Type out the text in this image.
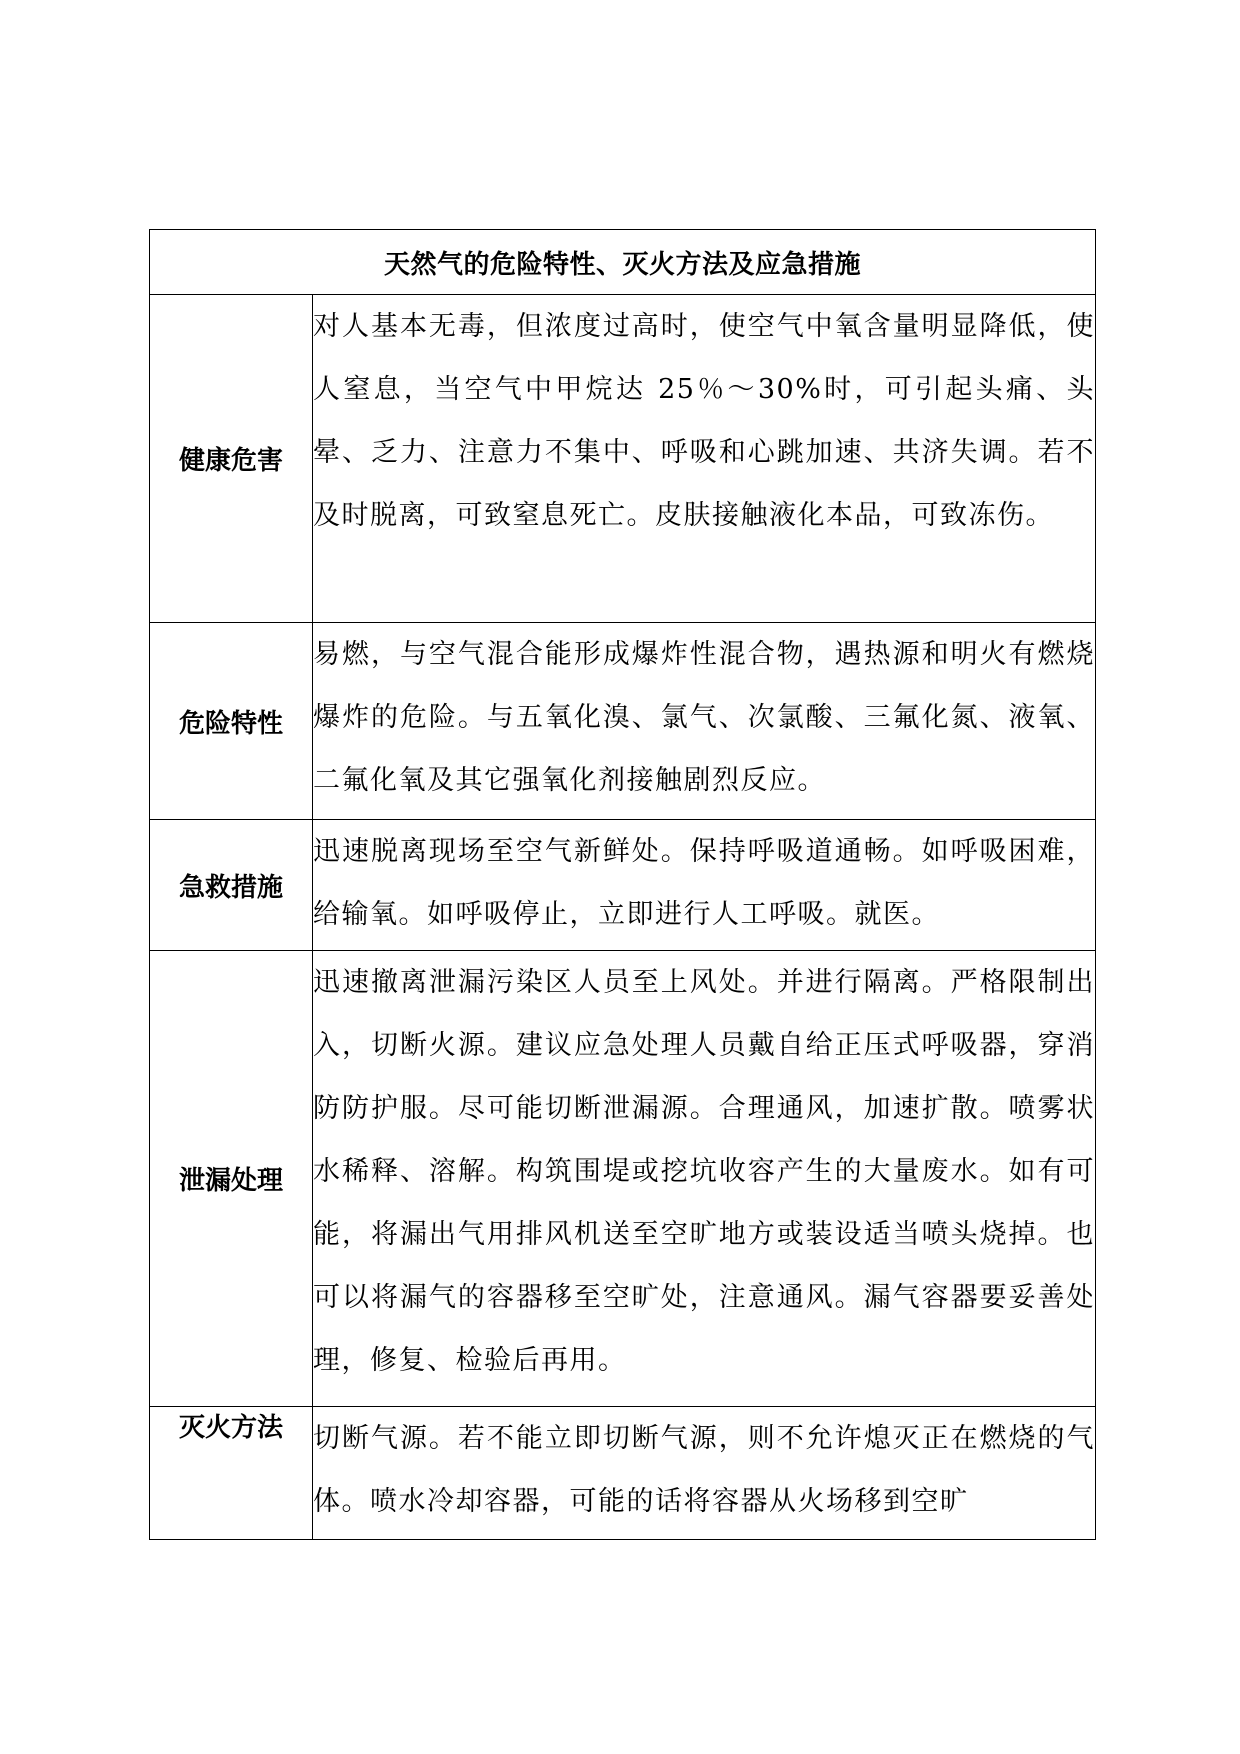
天然气的危险特性、灭火方法及应急措施	
健康危害	对人基本无毒，但浓度过高时，使空气中氧含量明显降低，使人窒息，当空气中甲烷达 25％～30%时，可引起头痛、头晕、乏力、注意力不集中、呼吸和心跳加速、共济失调。若不及时脱离，可致窒息死亡。皮肤接触液化本品，可致冻伤。

危险特性	易燃，与空气混合能形成爆炸性混合物，遇热源和明火有燃烧爆炸的危险。与五氧化溴、氯气、次氯酸、三氟化氮、液氧、二氟化氧及其它强氧化剂接触剧烈反应。

急救措施	迅速脱离现场至空气新鲜处。保持呼吸道通畅。如呼吸困难，给输氧。如呼吸停止，立即进行人工呼吸。就医。

泄漏处理	迅速撤离泄漏污染区人员至上风处。并进行隔离。严格限制出入，切断火源。建议应急处理人员戴自给正压式呼吸器，穿消防防护服。尽可能切断泄漏源。合理通风，加速扩散。喷雾状水稀释、溶解。构筑围堤或挖坑收容产生的大量废水。如有可能，将漏出气用排风机送至空旷地方或装设适当喷头烧掉。也可以将漏气的容器移至空旷处，注意通风。漏气容器要妥善处理，修复、检验后再用。

灭火方法	切断气源。若不能立即切断气源，则不允许熄灭正在燃烧的气体。喷水冷却容器，可能的话将容器从火场移到空旷
